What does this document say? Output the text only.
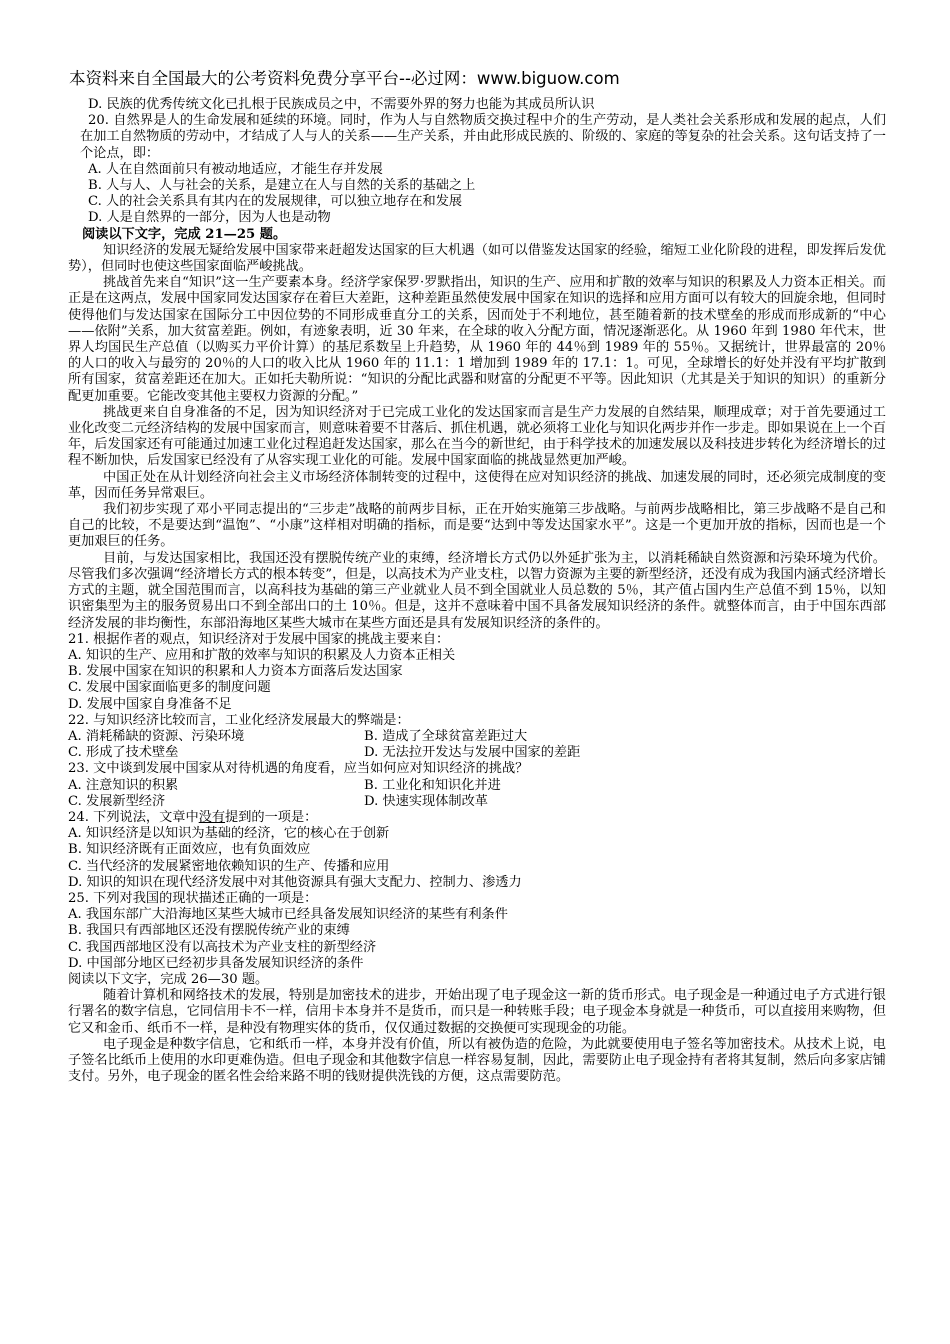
本资料来自全国最大的公考资料免费分享平台--必过网：www.biguow.com

D. 民族的优秀传统文化已扎根于民族成员之中，不需要外界的努力也能为其成员所认识

20. 自然界是人的生命发展和延续的环境。同时，作为人与自然物质交换过程中介的生产劳动，是人类社会关系形成和发展的起点，人们在加工自然物质的劳动中，才结成了人与人的关系——生产关系，并由此形成民族的、阶级的、家庭的等复杂的社会关系。这句话支持了一个论点，即：

A. 人在自然面前只有被动地适应，才能生存并发展

B. 人与人、人与社会的关系，是建立在人与自然的关系的基础之上

C. 人的社会关系具有其内在的发展规律，可以独立地存在和发展

D. 人是自然界的一部分，因为人也是动物

阅读以下文字，完成 21—25 题。

知识经济的发展无疑给发展中国家带来赶超发达国家的巨大机遇（如可以借鉴发达国家的经验，缩短工业化阶段的进程，即发挥后发优势），但同时也使这些国家面临严峻挑战。

挑战首先来自“知识”这一生产要素本身。经济学家保罗·罗默指出，知识的生产、应用和扩散的效率与知识的积累及人力资本正相关。而正是在这两点，发展中国家同发达国家存在着巨大差距，这种差距虽然使发展中国家在知识的选择和应用方面可以有较大的回旋余地，但同时使得他们与发达国家在国际分工中因位势的不同形成垂直分工的关系，因而处于不利地位，甚至随着新的技术壁垒的形成而形成新的“中心——依附”关系，加大贫富差距。例如，有迹象表明，近 30 年来，在全球的收入分配方面，情况逐渐恶化。从 1960 年到 1980 年代末，世界人均国民生产总值（以购买力平价计算）的基尼系数呈上升趋势，从 1960 年的 44％到 1989 年的 55％。又据统计，世界最富的 20％的人口的收入与最穷的 20％的人口的收入比从 1960 年的 11.1：1 增加到 1989 年的 17.1：1。可见，全球增长的好处并没有平均扩散到所有国家，贫富差距还在加大。正如托夫勒所说：“知识的分配比武器和财富的分配更不平等。因此知识（尤其是关于知识的知识）的重新分配更加重要。它能改变其他主要权力资源的分配。”

挑战更来自自身准备的不足，因为知识经济对于已完成工业化的发达国家而言是生产力发展的自然结果，顺理成章；对于首先要通过工业化改变二元经济结构的发展中国家而言，则意味着要不甘落后、抓住机遇，就必须将工业化与知识化两步并作一步走。即如果说在上一个百年，后发国家还有可能通过加速工业化过程追赶发达国家，那么在当今的新世纪，由于科学技术的加速发展以及科技进步转化为经济增长的过程不断加快，后发国家已经没有了从容实现工业化的可能。发展中国家面临的挑战显然更加严峻。

中国正处在从计划经济向社会主义市场经济体制转变的过程中，这使得在应对知识经济的挑战、加速发展的同时，还必须完成制度的变革，因而任务异常艰巨。

我们初步实现了邓小平同志提出的“三步走”战略的前两步目标，正在开始实施第三步战略。与前两步战略相比，第三步战略不是自己和自己的比较，不是要达到“温饱”、“小康”这样相对明确的指标，而是要“达到中等发达国家水平”。这是一个更加开放的指标，因而也是一个更加艰巨的任务。

目前，与发达国家相比，我国还没有摆脱传统产业的束缚，经济增长方式仍以外延扩张为主，以消耗稀缺自然资源和污染环境为代价。尽管我们多次强调“经济增长方式的根本转变”，但是，以高技术为产业支柱，以智力资源为主要的新型经济，还没有成为我国内涵式经济增长方式的主题，就全国范围而言，以高科技为基础的第三产业就业人员不到全国就业人员总数的 5％，其产值占国内生产总值不到 15％，以知识密集型为主的服务贸易出口不到全部出口的土 10％。但是，这并不意味着中国不具备发展知识经济的条件。就整体而言，由于中国东西部经济发展的非均衡性，东部沿海地区某些大城市在某些方面还是具有发展知识经济的条件的。

21. 根据作者的观点，知识经济对于发展中国家的挑战主要来自：

A. 知识的生产、应用和扩散的效率与知识的积累及人力资本正相关

B. 发展中国家在知识的积累和人力资本方面落后发达国家

C. 发展中国家面临更多的制度问题

D. 发展中国家自身准备不足

22. 与知识经济比较而言，工业化经济发展最大的弊端是：

A. 消耗稀缺的资源、污染环境	B. 造成了全球贫富差距过大
C. 形成了技术壁垒	D. 无法拉开发达与发展中国家的差距

23. 文中谈到发展中国家从对待机遇的角度看，应当如何应对知识经济的挑战？

A. 注意知识的积累	B. 工业化和知识化并进
C. 发展新型经济	D. 快速实现体制改革

24. 下列说法，文章中没有提到的一项是：

A. 知识经济是以知识为基础的经济，它的核心在于创新

B. 知识经济既有正面效应，也有负面效应

C. 当代经济的发展紧密地依赖知识的生产、传播和应用

D. 知识的知识在现代经济发展中对其他资源具有强大支配力、控制力、渗透力

25. 下列对我国的现状描述正确的一项是：

A. 我国东部广大沿海地区某些大城市已经具备发展知识经济的某些有利条件

B. 我国只有西部地区还没有摆脱传统产业的束缚

C. 我国西部地区没有以高技术为产业支柱的新型经济

D. 中国部分地区已经初步具备发展知识经济的条件

阅读以下文字，完成 26—30 题。

随着计算机和网络技术的发展，特别是加密技术的进步，开始出现了电子现金这一新的货币形式。电子现金是一种通过电子方式进行银行署名的数字信息，它同信用卡不一样，信用卡本身并不是货币，而只是一种转账手段；电子现金本身就是一种货币，可以直接用来购物，但它又和金币、纸币不一样，是种没有物理实体的货币，仅仅通过数据的交换便可实现现金的功能。

电子现金是种数字信息，它和纸币一样，本身并没有价值，所以有被伪造的危险，为此就要使用电子签名等加密技术。从技术上说，电子签名比纸币上使用的水印更难伪造。但电子现金和其他数字信息一样容易复制，因此，需要防止电子现金持有者将其复制，然后向多家店铺支付。另外，电子现金的匿名性会给来路不明的钱财提供洗钱的方便，这点需要防范。
